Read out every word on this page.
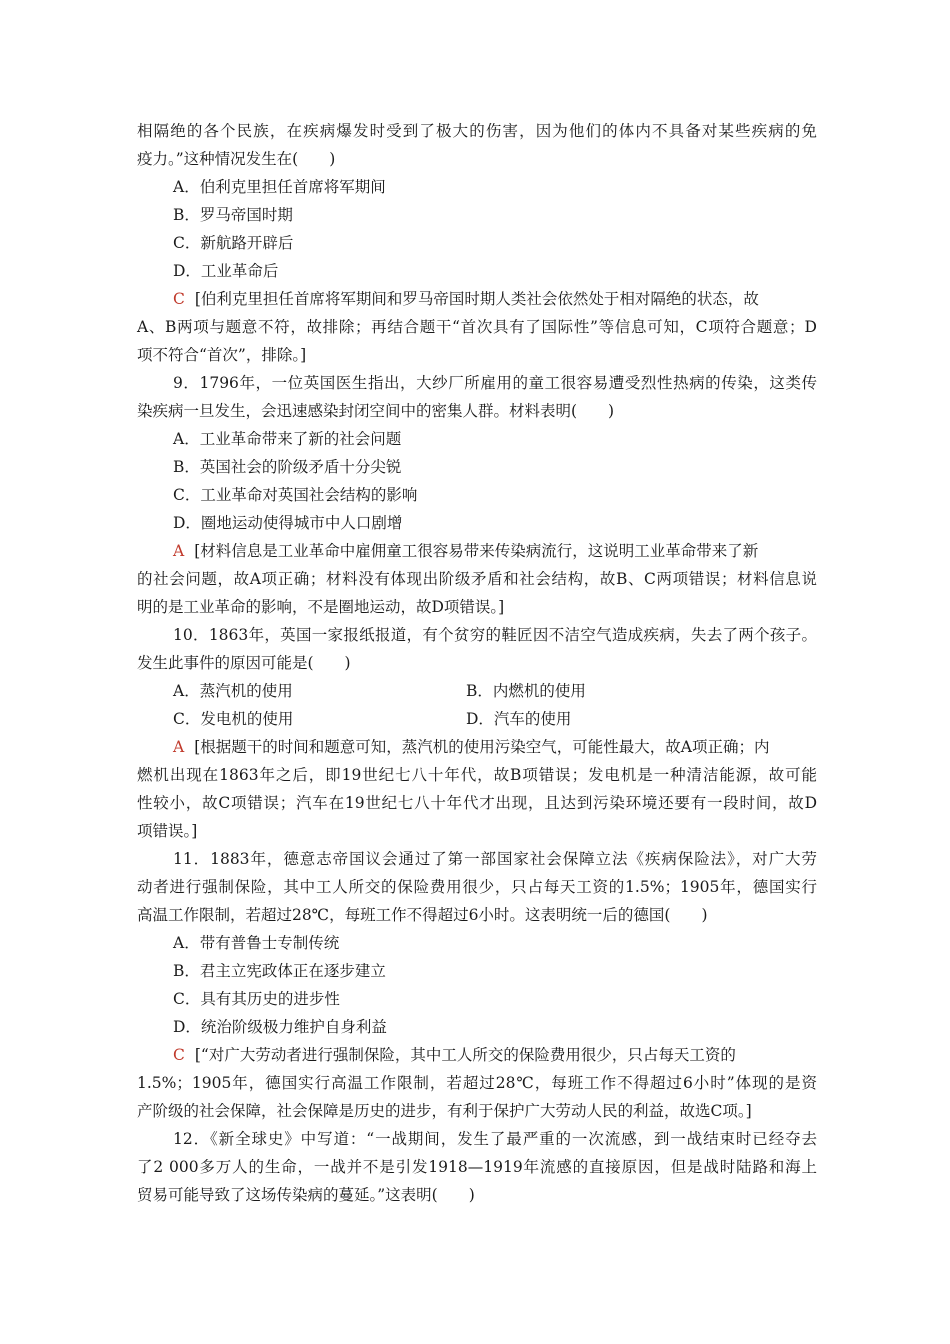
相隔绝的各个民族，在疾病爆发时受到了极大的伤害，因为他们的体内不具备对某些疾病的免
疫力。”这种情况发生在(　　)
A．伯利克里担任首席将军期间
B．罗马帝国时期
C．新航路开辟后
D．工业革命后
C [伯利克里担任首席将军期间和罗马帝国时期人类社会依然处于相对隔绝的状态，故
A、B两项与题意不符，故排除；再结合题干“首次具有了国际性”等信息可知，C项符合题意；D
项不符合“首次”，排除。]
9．1796年，一位英国医生指出，大纱厂所雇用的童工很容易遭受烈性热病的传染，这类传
染疾病一旦发生，会迅速感染封闭空间中的密集人群。材料表明(　　)
A．工业革命带来了新的社会问题
B．英国社会的阶级矛盾十分尖锐
C．工业革命对英国社会结构的影响
D．圈地运动使得城市中人口剧增
A [材料信息是工业革命中雇佣童工很容易带来传染病流行，这说明工业革命带来了新
的社会问题，故A项正确；材料没有体现出阶级矛盾和社会结构，故B、C两项错误；材料信息说
明的是工业革命的影响，不是圈地运动，故D项错误。]
10．1863年，英国一家报纸报道，有个贫穷的鞋匠因不洁空气造成疾病，失去了两个孩子。
发生此事件的原因可能是(　　)
A．蒸汽机的使用	B．内燃机的使用
C．发电机的使用	D．汽车的使用
A [根据题干的时间和题意可知，蒸汽机的使用污染空气，可能性最大，故A项正确；内
燃机出现在1863年之后，即19世纪七八十年代，故B项错误；发电机是一种清洁能源，故可能
性较小，故C项错误；汽车在19世纪七八十年代才出现，且达到污染环境还要有一段时间，故D
项错误。]
11．1883年，德意志帝国议会通过了第一部国家社会保障立法《疾病保险法》，对广大劳
动者进行强制保险，其中工人所交的保险费用很少，只占每天工资的1.5%；1905年，德国实行
高温工作限制，若超过28℃，每班工作不得超过6小时。这表明统一后的德国(　　)
A．带有普鲁士专制传统
B．君主立宪政体正在逐步建立
C．具有其历史的进步性
D．统治阶级极力维护自身利益
C [“对广大劳动者进行强制保险，其中工人所交的保险费用很少，只占每天工资的
1.5%；1905年，德国实行高温工作限制，若超过28℃，每班工作不得超过6小时”体现的是资
产阶级的社会保障，社会保障是历史的进步，有利于保护广大劳动人民的利益，故选C项。]
12．《新全球史》中写道：“一战期间，发生了最严重的一次流感，到一战结束时已经夺去
了2 000多万人的生命，一战并不是引发1918—1919年流感的直接原因，但是战时陆路和海上
贸易可能导致了这场传染病的蔓延。”这表明(　　)
